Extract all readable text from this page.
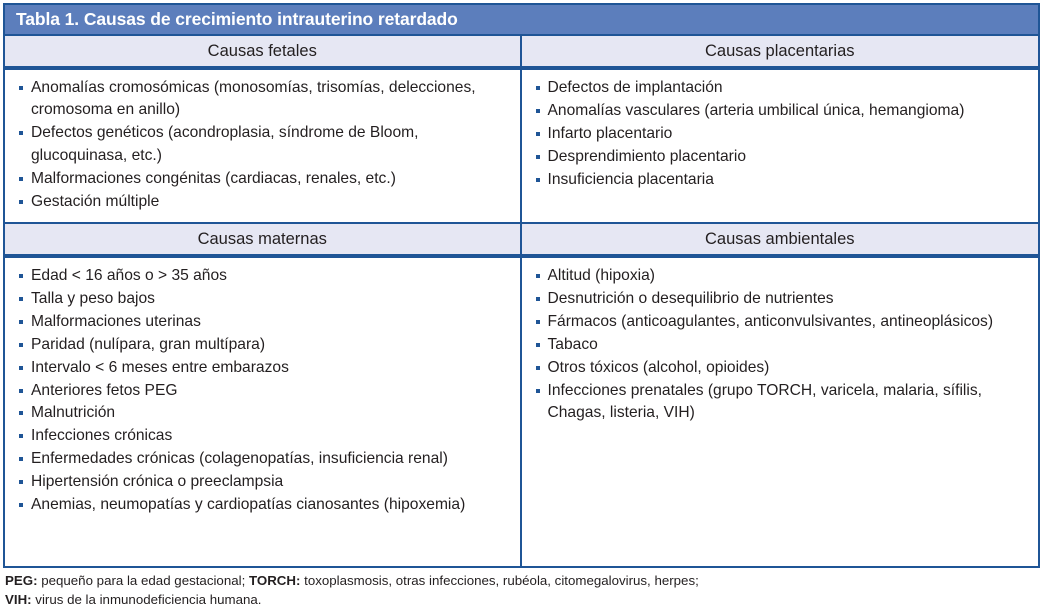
Tabla 1. Causas de crecimiento intrauterino retardado
Causas fetales	Causas placentarias
Anomalías cromosómicas (monosomías, trisomías, delecciones, cromosoma en anillo)
Defectos genéticos (acondroplasia, síndrome de Bloom, glucoquinasa, etc.)
Malformaciones congénitas (cardiacas, renales, etc.)
Gestación múltiple
Defectos de implantación
Anomalías vasculares (arteria umbilical única, hemangioma)
Infarto placentario
Desprendimiento placentario
Insuficiencia placentaria
Causas maternas	Causas ambientales
Edad < 16 años o > 35 años
Talla y peso bajos
Malformaciones uterinas
Paridad (nulípara, gran multípara)
Intervalo < 6 meses entre embarazos
Anteriores fetos PEG
Malnutrición
Infecciones crónicas
Enfermedades crónicas (colagenopatías, insuficiencia renal)
Hipertensión crónica o preeclampsia
Anemias, neumopatías y cardiopatías cianosantes (hipoxemia)
Altitud (hipoxia)
Desnutrición o desequilibrio de nutrientes
Fármacos (anticoagulantes, anticonvulsivantes, antineoplásicos)
Tabaco
Otros tóxicos (alcohol, opioides)
Infecciones prenatales (grupo TORCH, varicela, malaria, sífilis, Chagas, listeria, VIH)
PEG: pequeño para la edad gestacional; TORCH: toxoplasmosis, otras infecciones, rubéola, citomegalovirus, herpes;
VIH: virus de la inmunodeficiencia humana.
